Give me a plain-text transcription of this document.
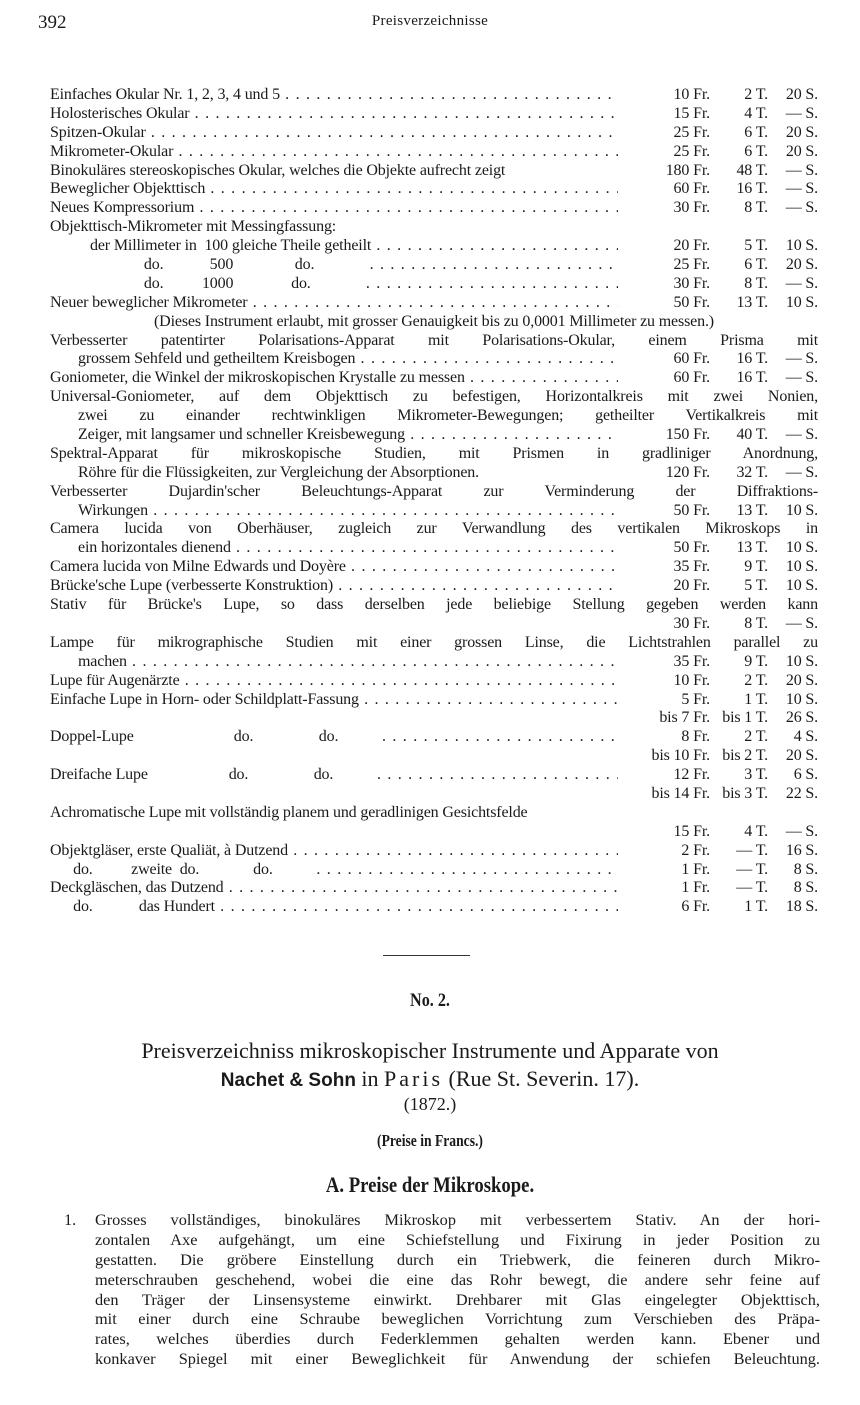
392	Preisverzeichnisse
Einfaches Okular Nr. 1, 2, 3, 4 und 5 . . .	10 Fr.	2 T.	20 S.
Holosterisches Okular . . .	15 Fr.	4 T.	— S.
Spitzen-Okular . . .	25 Fr.	6 T.	20 S.
Mikrometer-Okular . . .	25 Fr.	6 T.	20 S.
Binokuläres stereoskopisches Okular, welches die Objekte aufrecht zeigt	180 Fr.	48 T.	— S.
Beweglicher Objekttisch . . .	60 Fr.	16 T.	— S.
Neues Kompressorium . . .	30 Fr.	8 T.	— S.
Objekttisch-Mikrometer mit Messingfassung:
der Millimeter in  100 gleiche Theile getheilt . . .	20 Fr.	5 T.	10 S.
do.            500                do.              . . .	25 Fr.	6 T.	20 S.
do.          1000               do.              . . .	30 Fr.	8 T.	— S.
Neuer beweglicher Mikrometer . . .	50 Fr.	13 T.	10 S.
(Dieses Instrument erlaubt, mit grosser Genauigkeit bis zu 0,0001 Millimeter zu messen.)
Verbesserter patentirter Polarisations-Apparat mit Polarisations-Okular, einem Prisma mit
grossem Sehfeld und getheiltem Kreisbogen . . .	60 Fr.	16 T.	— S.
Goniometer, die Winkel der mikroskopischen Krystalle zu messen . . .	60 Fr.	16 T.	— S.
Universal-Goniometer, auf dem Objekttisch zu befestigen, Horizontalkreis mit zwei Nonien,
zwei zu einander rechtwinkligen Mikrometer-Bewegungen; getheilter Vertikalkreis mit
Zeiger, mit langsamer und schneller Kreisbewegung . . .	150 Fr.	40 T.	— S.
Spektral-Apparat für mikroskopische Studien, mit Prismen in gradliniger Anordnung,
Röhre für die Flüssigkeiten, zur Vergleichung der Absorptionen.	120 Fr.	32 T.	— S.
Verbesserter Dujardin'scher Beleuchtungs-Apparat zur Verminderung der Diffraktions-
Wirkungen . . .	50 Fr.	13 T.	10 S.
Camera lucida von Oberhäuser, zugleich zur Verwandlung des vertikalen Mikroskops in
ein horizontales dienend . . .	50 Fr.	13 T.	10 S.
Camera lucida von Milne Edwards und Doyère . . .	35 Fr.	9 T.	10 S.
Brücke'sche Lupe (verbesserte Konstruktion) . . .	20 Fr.	5 T.	10 S.
Stativ für Brücke's Lupe, so dass derselben jede beliebige Stellung gegeben werden kann
30 Fr.	8 T.	— S.
Lampe für mikrographische Studien mit einer grossen Linse, die Lichtstrahlen parallel zu
machen . . .	35 Fr.	9 T.	10 S.
Lupe für Augenärzte . . .	10 Fr.	2 T.	20 S.
Einfache Lupe in Horn- oder Schildplatt-Fassung . . .	5 Fr.	1 T.	10 S.
bis 7 Fr. bis 1 T.	26 S.
Doppel-Lupe                          do.                 do.           . . .	8 Fr.	2 T.	4 S.
bis 10 Fr. bis 2 T.	20 S.
Dreifache Lupe                     do.                 do.           . . .	12 Fr.	3 T.	6 S.
bis 14 Fr. bis 3 T.	22 S.
Achromatische Lupe mit vollständig planem und geradlinigen Gesichtsfelde
15 Fr.	4 T.	— S.
Objektgläser, erste Qualiät, à Dutzend . . .	2 Fr.	— T.	16 S.
do.          zweite  do.              do.           . . .	1 Fr.	— T.	8 S.
Deckgläschen, das Dutzend . . .	1 Fr.	— T.	8 S.
do.            das Hundert . . .	6 Fr.	1 T.	18 S.
No. 2.
Preisverzeichniss mikroskopischer Instrumente und Apparate von
Nachet & Sohn in Paris (Rue St. Severin. 17).
(1872.)
(Preise in Francs.)
A. Preise der Mikroskope.
1. Grosses vollständiges, binokuläres Mikroskop mit verbessertem Stativ. An der hori-
zontalen Axe aufgehängt, um eine Schiefstellung und Fixirung in jeder Position zu
gestatten. Die gröbere Einstellung durch ein Triebwerk, die feineren durch Mikro-
meterschrauben geschehend, wobei die eine das Rohr bewegt, die andere sehr feine auf
den Träger der Linsensysteme einwirkt. Drehbarer mit Glas eingelegter Objekttisch,
mit einer durch eine Schraube beweglichen Vorrichtung zum Verschieben des Präpa-
rates, welches überdies durch Federklemmen gehalten werden kann. Ebener und
konkaver Spiegel mit einer Beweglichkeit für Anwendung der schiefen Beleuchtung.
